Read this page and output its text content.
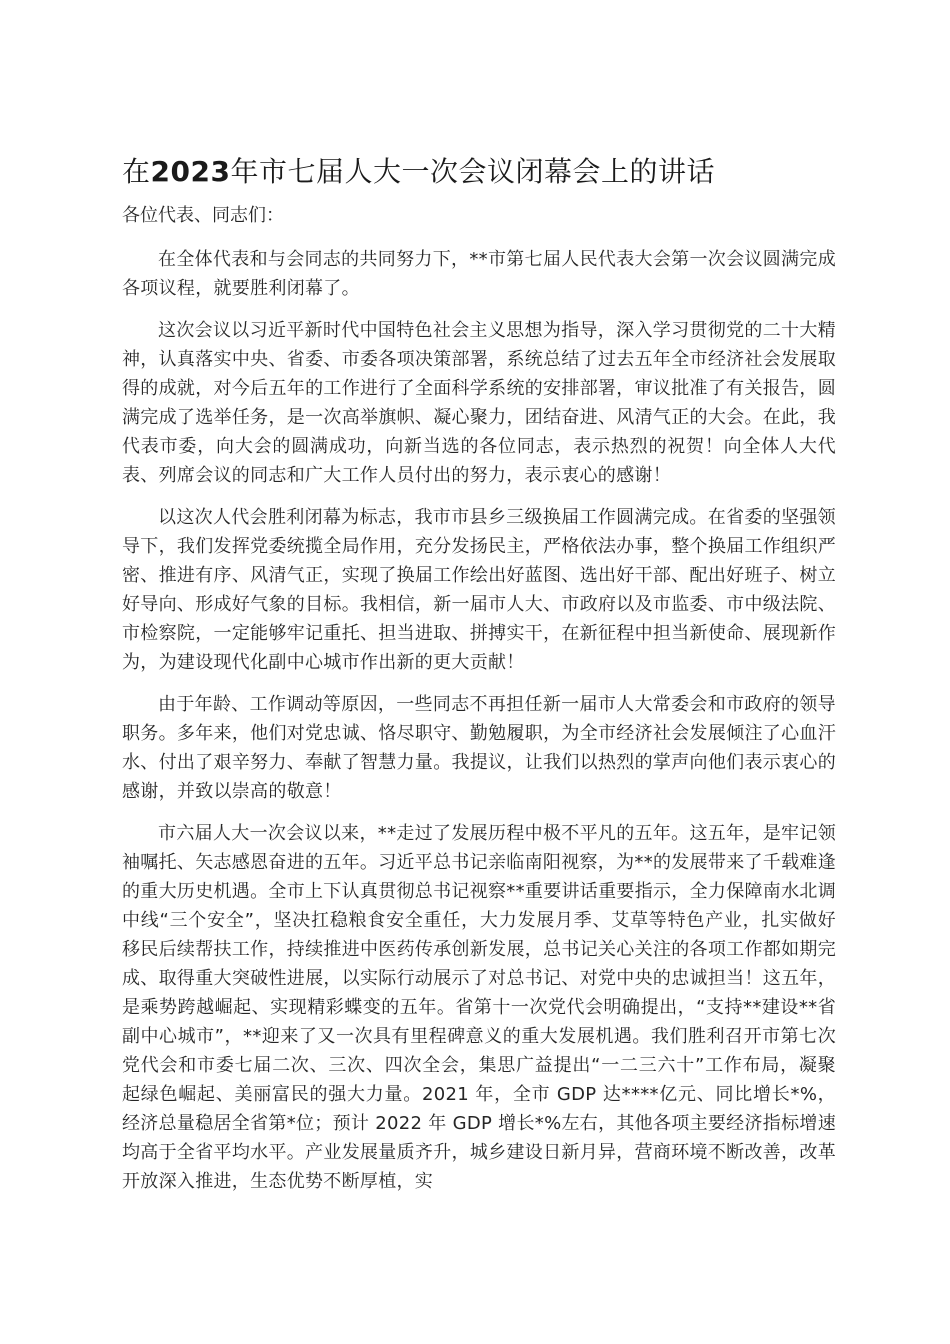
在2023年市七届人大一次会议闭幕会上的讲话

各位代表、同志们：

在全体代表和与会同志的共同努力下，**市第七届人民代表大会第一次会议圆满完成各项议程，就要胜利闭幕了。

这次会议以习近平新时代中国特色社会主义思想为指导，深入学习贯彻党的二十大精神，认真落实中央、省委、市委各项决策部署，系统总结了过去五年全市经济社会发展取得的成就，对今后五年的工作进行了全面科学系统的安排部署，审议批准了有关报告，圆满完成了选举任务，是一次高举旗帜、凝心聚力，团结奋进、风清气正的大会。在此，我代表市委，向大会的圆满成功，向新当选的各位同志，表示热烈的祝贺！向全体人大代表、列席会议的同志和广大工作人员付出的努力，表示衷心的感谢！

以这次人代会胜利闭幕为标志，我市市县乡三级换届工作圆满完成。在省委的坚强领导下，我们发挥党委统揽全局作用，充分发扬民主，严格依法办事，整个换届工作组织严密、推进有序、风清气正，实现了换届工作绘出好蓝图、选出好干部、配出好班子、树立好导向、形成好气象的目标。我相信，新一届市人大、市政府以及市监委、市中级法院、市检察院，一定能够牢记重托、担当进取、拼搏实干，在新征程中担当新使命、展现新作为，为建设现代化副中心城市作出新的更大贡献！

由于年龄、工作调动等原因，一些同志不再担任新一届市人大常委会和市政府的领导职务。多年来，他们对党忠诚、恪尽职守、勤勉履职，为全市经济社会发展倾注了心血汗水、付出了艰辛努力、奉献了智慧力量。我提议，让我们以热烈的掌声向他们表示衷心的感谢，并致以崇高的敬意！

市六届人大一次会议以来，**走过了发展历程中极不平凡的五年。这五年，是牢记领袖嘱托、矢志感恩奋进的五年。习近平总书记亲临南阳视察，为**的发展带来了千载难逢的重大历史机遇。全市上下认真贯彻总书记视察**重要讲话重要指示，全力保障南水北调中线“三个安全”，坚决扛稳粮食安全重任，大力发展月季、艾草等特色产业，扎实做好移民后续帮扶工作，持续推进中医药传承创新发展，总书记关心关注的各项工作都如期完成、取得重大突破性进展，以实际行动展示了对总书记、对党中央的忠诚担当！这五年，是乘势跨越崛起、实现精彩蝶变的五年。省第十一次党代会明确提出，“支持**建设**省副中心城市”，**迎来了又一次具有里程碑意义的重大发展机遇。我们胜利召开市第七次党代会和市委七届二次、三次、四次全会，集思广益提出“一二三六十”工作布局，凝聚起绿色崛起、美丽富民的强大力量。2021 年，全市 GDP 达****亿元、同比增长*%，经济总量稳居全省第*位；预计 2022 年 GDP 增长*%左右，其他各项主要经济指标增速均高于全省平均水平。产业发展量质齐升，城乡建设日新月异，营商环境不断改善，改革开放深入推进，生态优势不断厚植，实
